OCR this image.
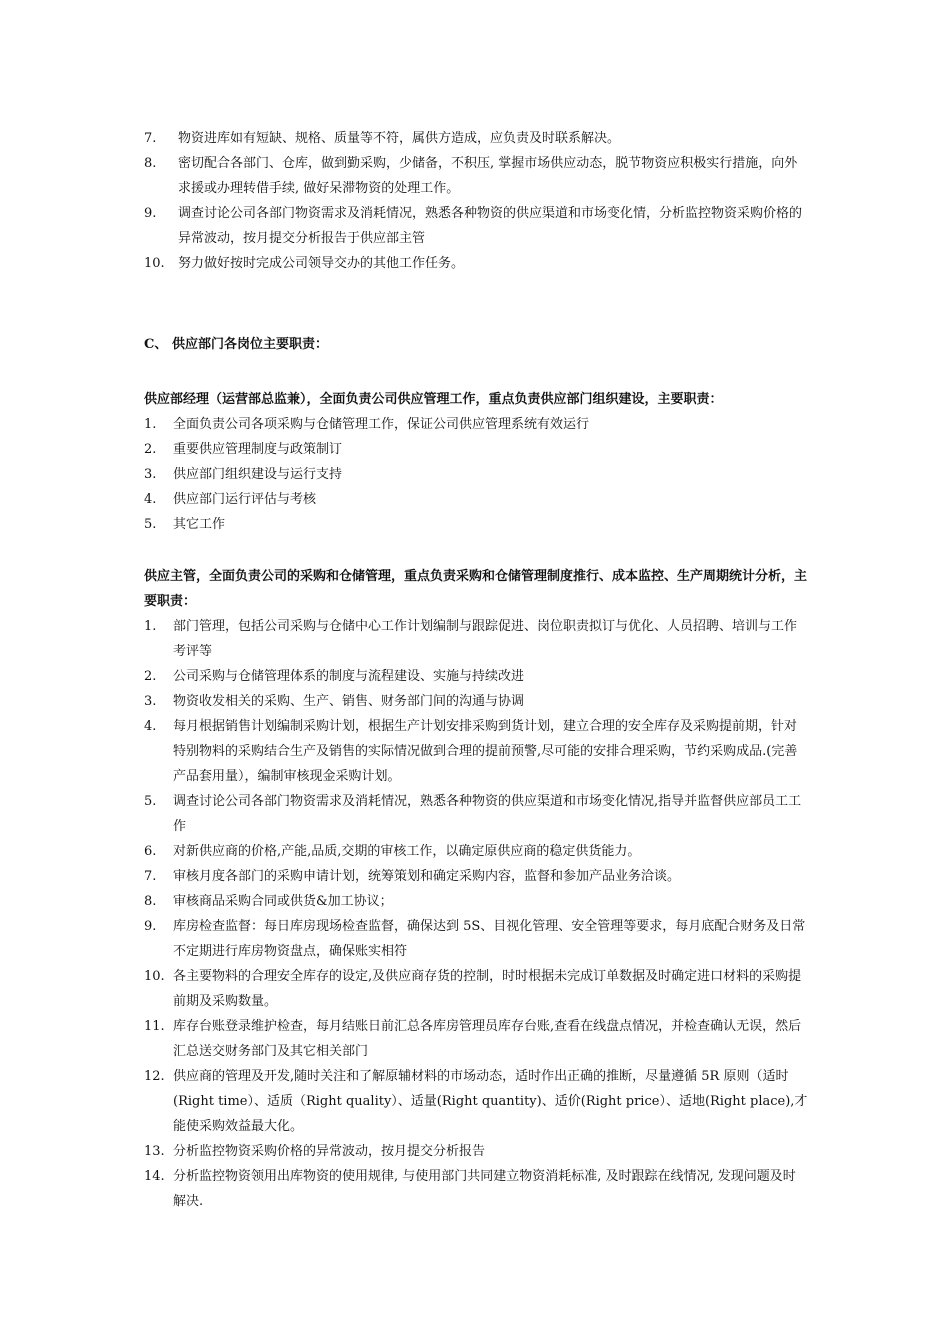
7. 物资进库如有短缺、规格、质量等不符，属供方造成，应负责及时联系解决。
8. 密切配合各部门、仓库，做到勤采购，少储备，不积压, 掌握市场供应动态，脱节物资应积极实行措施，向外求援或办理转借手续, 做好呆滞物资的处理工作。
9. 调查讨论公司各部门物资需求及消耗情况，熟悉各种物资的供应渠道和市场变化情，分析监控物资采购价格的异常波动，按月提交分析报告于供应部主管
10. 努力做好按时完成公司领导交办的其他工作任务。
C、 供应部门各岗位主要职责：
供应部经理（运营部总监兼），全面负责公司供应管理工作，重点负责供应部门组织建设，主要职责：
1. 全面负责公司各项采购与仓储管理工作，保证公司供应管理系统有效运行
2. 重要供应管理制度与政策制订
3. 供应部门组织建设与运行支持
4. 供应部门运行评估与考核
5. 其它工作
供应主管，全面负责公司的采购和仓储管理，重点负责采购和仓储管理制度推行、成本监控、生产周期统计分析，主要职责：
1. 部门管理，包括公司采购与仓储中心工作计划编制与跟踪促进、岗位职责拟订与优化、人员招聘、培训与工作考评等
2. 公司采购与仓储管理体系的制度与流程建设、实施与持续改进
3. 物资收发相关的采购、生产、销售、财务部门间的沟通与协调
4. 每月根据销售计划编制采购计划，根据生产计划安排采购到货计划，建立合理的安全库存及采购提前期，针对特别物料的采购结合生产及销售的实际情况做到合理的提前预警,尽可能的安排合理采购，节约采购成品.(完善产品套用量），编制审核现金采购计划。
5. 调查讨论公司各部门物资需求及消耗情况，熟悉各种物资的供应渠道和市场变化情况,指导并监督供应部员工工作
6. 对新供应商的价格,产能,品质,交期的审核工作，以确定原供应商的稳定供货能力。
7. 审核月度各部门的采购申请计划，统筹策划和确定采购内容，监督和参加产品业务洽谈。
8. 审核商品采购合同或供货&加工协议；
9. 库房检查监督：每日库房现场检查监督，确保达到 5S、目视化管理、安全管理等要求，每月底配合财务及日常不定期进行库房物资盘点，确保账实相符
10. 各主要物料的合理安全库存的设定,及供应商存货的控制，时时根据未完成订单数据及时确定进口材料的采购提前期及采购数量。
11. 库存台账登录维护检查，每月结账日前汇总各库房管理员库存台账,查看在线盘点情况，并检查确认无误，然后汇总送交财务部门及其它相关部门
12. 供应商的管理及开发,随时关注和了解原辅材料的市场动态，适时作出正确的推断，尽量遵循 5R 原则（适时(Right time）、适质（Right quality）、适量(Right quantity)、适价(Right price）、适地(Right place),才能使采购效益最大化。
13. 分析监控物资采购价格的异常波动，按月提交分析报告
14. 分析监控物资领用出库物资的使用规律, 与使用部门共同建立物资消耗标准, 及时跟踪在线情况, 发现问题及时解决.
